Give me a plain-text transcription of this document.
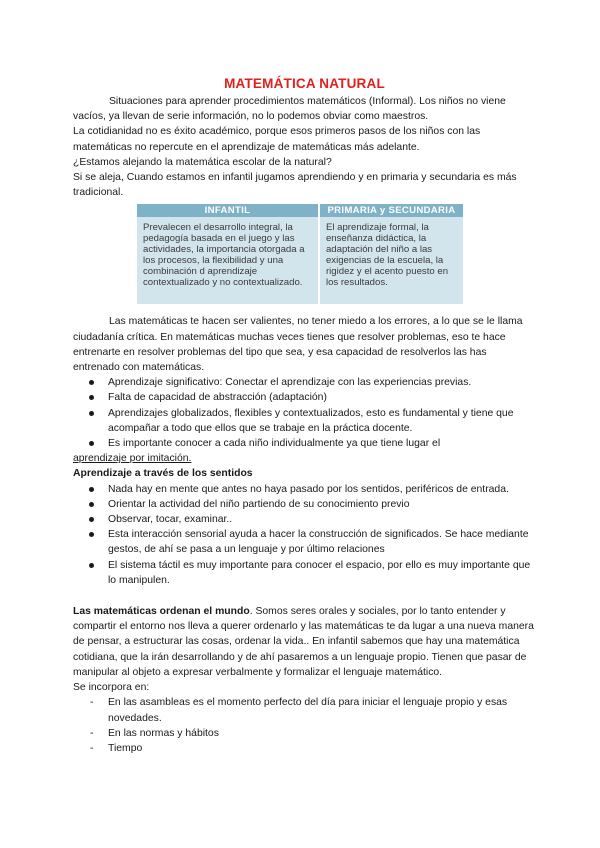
MATEMÁTICA NATURAL

Situaciones para aprender procedimientos matemáticos (Informal). Los niños no viene vacíos, ya llevan de serie información, no lo podemos obviar como maestros.

La cotidianidad no es éxito académico, porque esos primeros pasos de los niños con las matemáticas no repercute en el aprendizaje de matemáticas más adelante.

¿Estamos alejando la matemática escolar de la natural?

Si se aleja, Cuando estamos en infantil jugamos aprendiendo y en primaria y secundaria es más tradicional.

INFANTIL	PRIMARIA y SECUNDARIA
Prevalecen el desarrollo integral, la pedagogía basada en el juego y las actividades, la importancia otorgada a los procesos, la flexibilidad y una combinación d aprendizaje contextualizado y no contextualizado.	El aprendizaje formal, la enseñanza didáctica, la adaptación del niño a las exigencias de la escuela, la rigidez y el acento puesto en los resultados.

Las matemáticas te hacen ser valientes, no tener miedo a los errores, a lo que se le llama ciudadanía crítica. En matemáticas muchas veces tienes que resolver problemas, eso te hace entrenarte en resolver problemas del tipo que sea, y esa capacidad de resolverlos las has entrenado con matemáticas.

Aprendizaje significativo: Conectar el aprendizaje con las experiencias previas.
Falta de capacidad de abstracción (adaptación)
Aprendizajes globalizados, flexibles y contextualizados, esto es fundamental y tiene que acompañar a todo que ellos que se trabaje en la práctica docente.
Es importante conocer a cada niño individualmente ya que tiene lugar el

aprendizaje por imitación.

Aprendizaje a través de los sentidos

Nada hay en mente que antes no haya pasado por los sentidos, periféricos de entrada.
Orientar la actividad del niño partiendo de su conocimiento previo
Observar, tocar, examinar..
Esta interacción sensorial ayuda a hacer la construcción de significados. Se hace mediante gestos, de ahí se pasa a un lenguaje y por último relaciones
El sistema táctil es muy importante para conocer el espacio, por ello es muy importante que lo manipulen.

Las matemáticas ordenan el mundo. Somos seres orales y sociales, por lo tanto entender y compartir el entorno nos lleva a querer ordenarlo y las matemáticas te da lugar a una nueva manera de pensar, a estructurar las cosas, ordenar la vida.. En infantil sabemos que hay una matemática cotidiana, que la irán desarrollando y de ahí pasaremos a un lenguaje propio. Tienen que pasar de manipular al objeto a expresar verbalmente y formalizar el lenguaje matemático.

Se incorpora en:

- En las asambleas es el momento perfecto del día para iniciar el lenguaje propio y esas novedades.
- En las normas y hábitos
- Tiempo
